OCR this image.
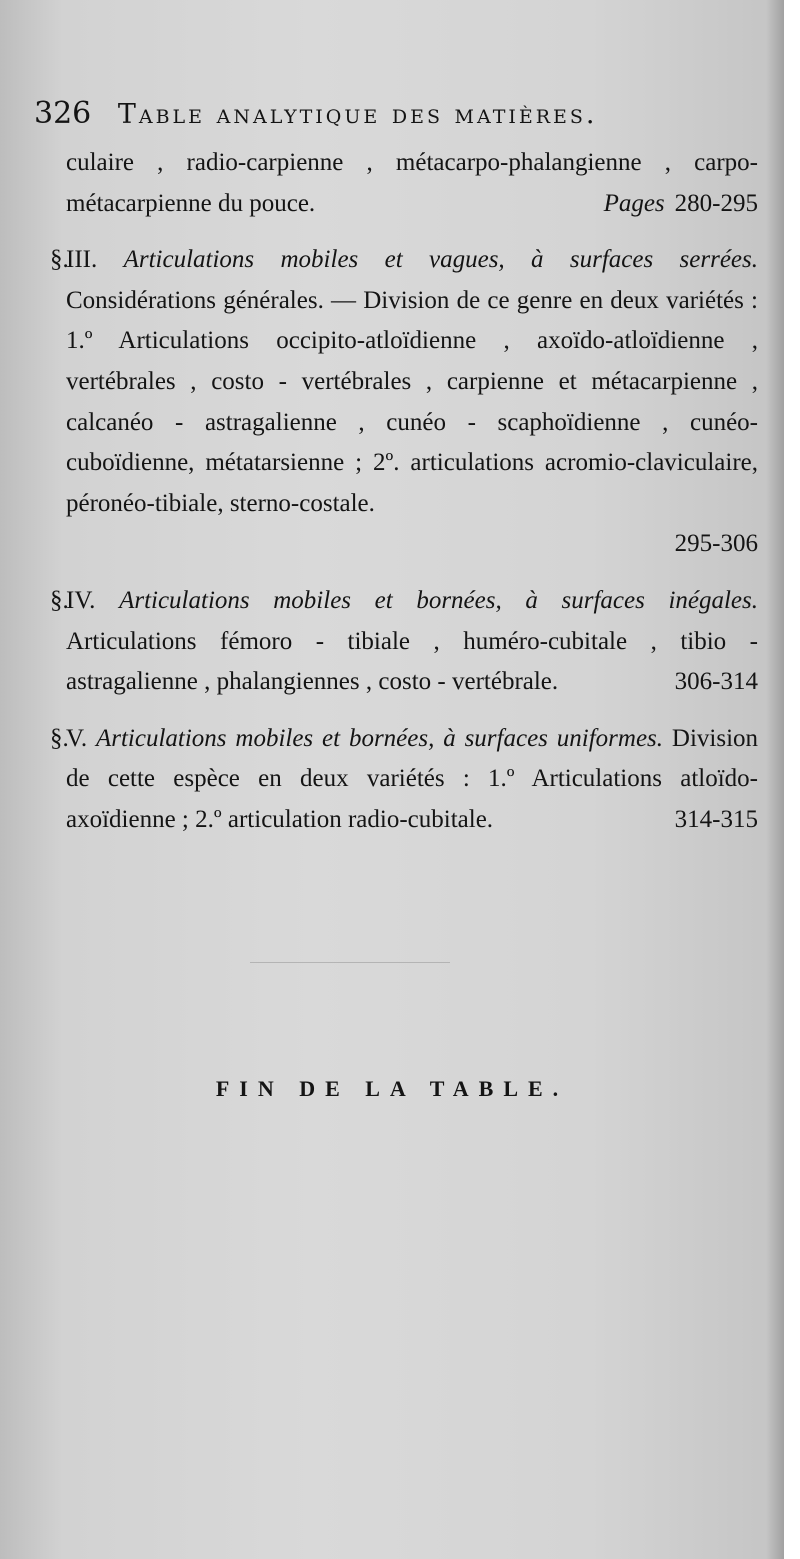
326 Table analytique des matières.

culaire , radio-carpienne , métacarpo-phalangienne , carpo-métacarpienne du pouce.	Pages 280-295

§.III. Articulations mobiles et vagues, à surfaces serrées. Considérations générales. — Division de ce genre en deux variétés : 1.º Articulations occipito-atloïdienne , axoïdo-atloïdienne , vertébrales , costo - vertébrales , carpienne et métacarpienne , calcanéo - astragalienne , cunéo - scaphoïdienne , cunéo-cuboïdienne, métatarsienne ; 2º. articulations acromio-claviculaire, péronéo-tibiale, sterno-costale.
295-306

§.IV. Articulations mobiles et bornées, à surfaces inégales. Articulations fémoro - tibiale , huméro-cubitale , tibio - astragalienne , phalangiennes , costo - vertébrale.	306-314

§.V. Articulations mobiles et bornées, à surfaces uniformes. Division de cette espèce en deux variétés : 1.º Articulations atloïdo-axoïdienne ; 2.º articulation radio-cubitale.	314-315

FIN DE LA TABLE.
